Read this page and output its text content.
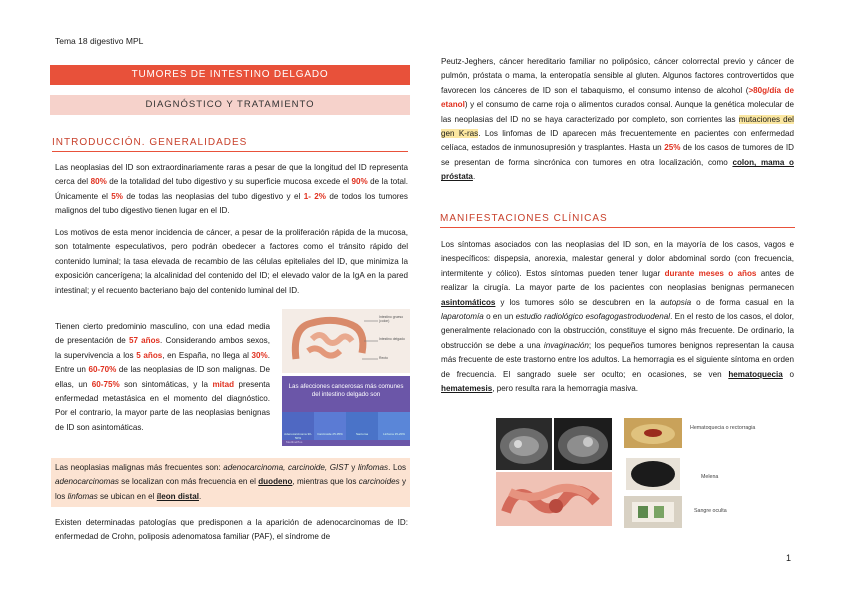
Tema 18 digestivo MPL
TUMORES DE INTESTINO DELGADO
DIAGNÓSTICO Y TRATAMIENTO
INTRODUCCIÓN. GENERALIDADES

Las neoplasias del ID son extraordinariamente raras a pesar de que la longitud del ID representa cerca del 80% de la totalidad del tubo digestivo y su superficie mucosa excede el 90% de la total. Únicamente el 5% de todas las neoplasias del tubo digestivo y el 1- 2% de todos los tumores malignos del tubo digestivo tienen lugar en el ID.

Los motivos de esta menor incidencia de cáncer, a pesar de la proliferación rápida de la mucosa, son totalmente especulativos, pero podrán obedecer a factores como el tránsito rápido del contenido luminal; la tasa elevada de recambio de las células epiteliales del ID, que minimiza la exposición cancerígena; la alcalinidad del contenido del ID; el elevado valor de la IgA en la pared intestinal; y el recuento bacteriano bajo del contenido luminal del ID.

Tienen cierto predominio masculino, con una edad media de presentación de 57 años. Considerando ambos sexos, la supervivencia a los 5 años, en España, no llega al 30%. Entre un 60-70% de las neoplasias de ID son malignas. De ellas, un 60-75% son sintomáticas, y la mitad presenta enfermedad metastásica en el momento del diagnóstico. Por el contrario, la mayor parte de las neoplasias benignas de ID son asintomáticas.

Intestino grueso (colon)
Intestino delgado
Recto
Las afecciones cancerosas más comunes del intestino delgado son
Adenocarcinoma 30-50%
Carcinoide 25-35%	Sarcoma	Linfoma 15-20%
MedlinePlus

Las neoplasias malignas más frecuentes son: adenocarcinoma, carcinoide, GIST y linfomas. Los adenocarcinomas se localizan con más frecuencia en el duodeno, mientras que los carcinoides y los linfomas se ubican en el íleon distal.

Existen determinadas patologías que predisponen a la aparición de adenocarcinomas de ID: enfermedad de Crohn, poliposis adenomatosa familiar (PAF), el síndrome de

Peutz-Jeghers, cáncer hereditario familiar no polipósico, cáncer colorrectal previo y cáncer de pulmón, próstata o mama, la enteropatía sensible al gluten. Algunos factores controvertidos que favorecen los cánceres de ID son el tabaquismo, el consumo intenso de alcohol (>80g/día de etanol) y el consumo de carne roja o alimentos curados consal. Aunque la genética molecular de las neoplasias del ID no se haya caracterizado por completo, son corrientes las mutaciones del gen K-ras. Los linfomas de ID aparecen más frecuentemente en pacientes con enfermedad celíaca, estados de inmunosupresión y trasplantes. Hasta un 25% de los casos de tumores de ID se presentan de forma sincrónica con tumores en otra localización, como colon, mama o próstata.

MANIFESTACIONES CLÍNICAS

Los síntomas asociados con las neoplasias del ID son, en la mayoría de los casos, vagos e inespecíficos: dispepsia, anorexia, malestar general y dolor abdominal sordo (con frecuencia, intermitente y cólico). Estos síntomas pueden tener lugar durante meses o años antes de realizar la cirugía. La mayor parte de los pacientes con neoplasias benignas permanecen asintomáticos y los tumores sólo se descubren en la autopsia o de forma casual en la laparotomía o en un estudio radiológico esofagogastroduodenal. En el resto de los casos, el dolor, generalmente relacionado con la obstrucción, constituye el signo más frecuente. De ordinario, la obstrucción se debe a una invaginación; los pequeños tumores benignos representan la causa más frecuente de este trastorno entre los adultos. La hemorragia es el siguiente síntoma en orden de frecuencia. El sangrado suele ser oculto; en ocasiones, se ven hematoquecia o hematemesis, pero resulta rara la hemorragia masiva.

Hematoquecia o rectorragia
Melena
Sangre oculta
1
